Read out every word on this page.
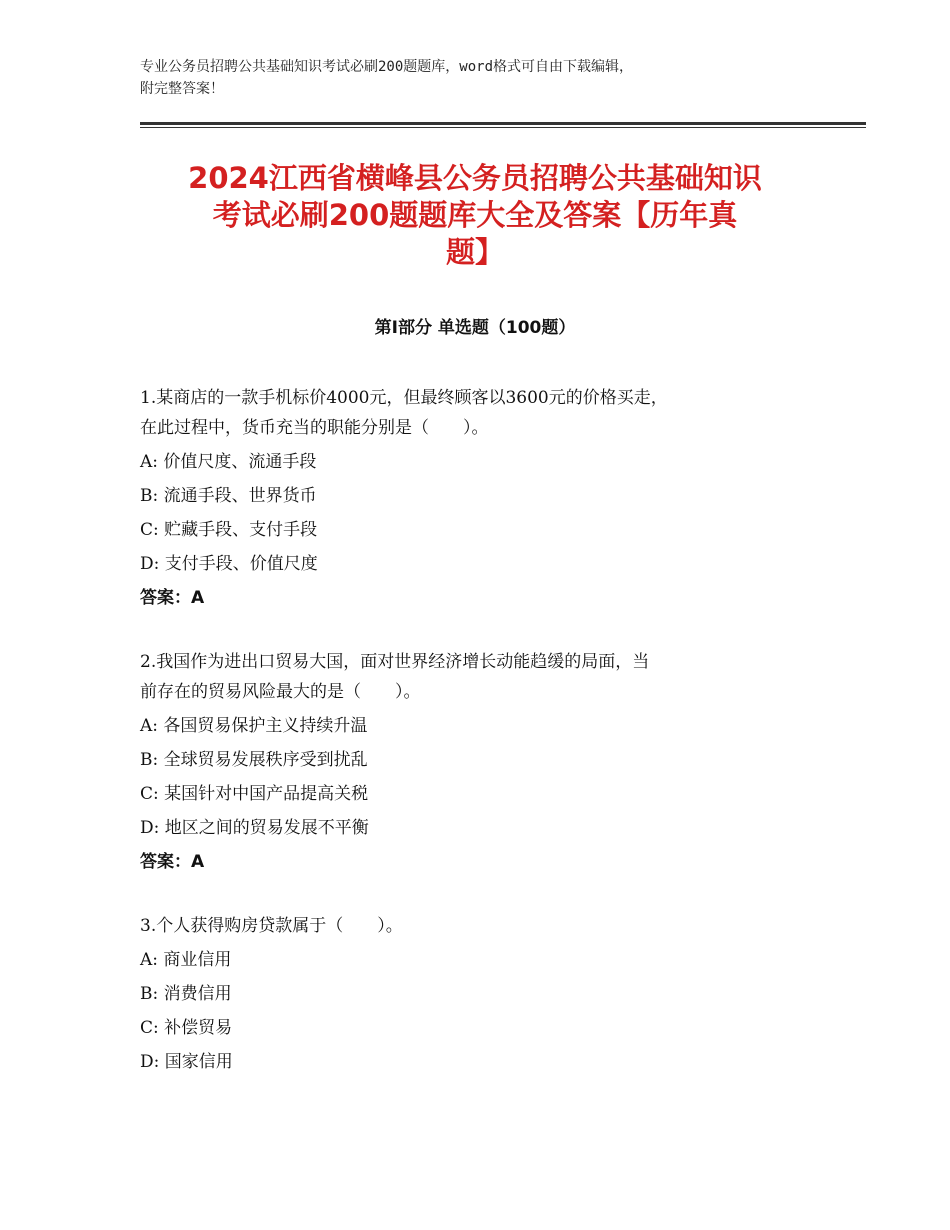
专业公务员招聘公共基础知识考试必刷200题题库，word格式可自由下载编辑，
附完整答案！
2024江西省横峰县公务员招聘公共基础知识
考试必刷200题题库大全及答案【历年真
题】
第Ⅰ部分 单选题（100题）
1.某商店的一款手机标价4000元，但最终顾客以3600元的价格买走，
在此过程中，货币充当的职能分别是（　　）。
A: 价值尺度、流通手段
B: 流通手段、世界货币
C: 贮藏手段、支付手段
D: 支付手段、价值尺度
答案：A
2.我国作为进出口贸易大国，面对世界经济增长动能趋缓的局面，当
前存在的贸易风险最大的是（　　）。
A: 各国贸易保护主义持续升温
B: 全球贸易发展秩序受到扰乱
C: 某国针对中国产品提高关税
D: 地区之间的贸易发展不平衡
答案：A
3.个人获得购房贷款属于（　　）。
A: 商业信用
B: 消费信用
C: 补偿贸易
D: 国家信用
